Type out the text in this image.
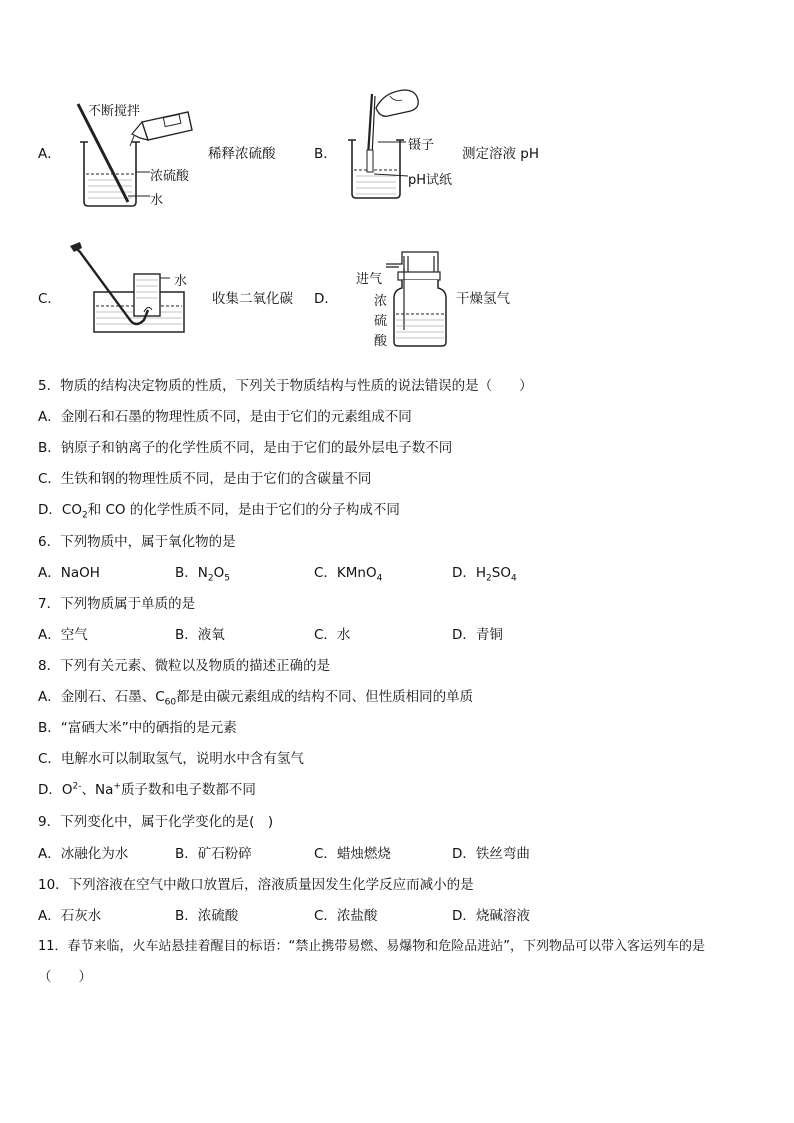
A．
不断搅拌
浓硫酸
水
稀释浓硫酸	B．
镊子
pH试纸
测定溶液 pH
C．
水
收集二氧化碳 D．
进气
浓
硫
酸
干燥氢气
5．物质的结构决定物质的性质，下列关于物质结构与性质的说法错误的是（　　）
A．金刚石和石墨的物理性质不同，是由于它们的元素组成不同
B．钠原子和钠离子的化学性质不同，是由于它们的最外层电子数不同
C．生铁和钢的物理性质不同，是由于它们的含碳量不同
D．$CO_2$和 CO 的化学性质不同，是由于它们的分子构成不同
6．下列物质中，属于氧化物的是
A．NaOH	B．$N_2O_5$	C．KMnO$_4$	D．$H_2SO_4$
7．下列物质属于单质的是
A．空气	B．液氧	C．水	D．青铜
8．下列有关元素、微粒以及物质的描述正确的是
A．金刚石、石墨、$C_{60}$都是由碳元素组成的结构不同、但性质相同的单质
B．“富硒大米”中的硒指的是元素
C．电解水可以制取氢气，说明水中含有氢气
D．$O^{2-}$、Na+质子数和电子数都不同
9．下列变化中，属于化学变化的是(　)
A．冰融化为水	B．矿石粉碎	C．蜡烛燃烧	D．铁丝弯曲
10．下列溶液在空气中敞口放置后，溶液质量因发生化学反应而减小的是
A．石灰水	B．浓硫酸	C．浓盐酸	D．烧碱溶液
11．春节来临，火车站悬挂着醒目的标语：“禁止携带易燃、易爆物和危险品进站”，下列物品可以带入客运列车的是
（　　）
